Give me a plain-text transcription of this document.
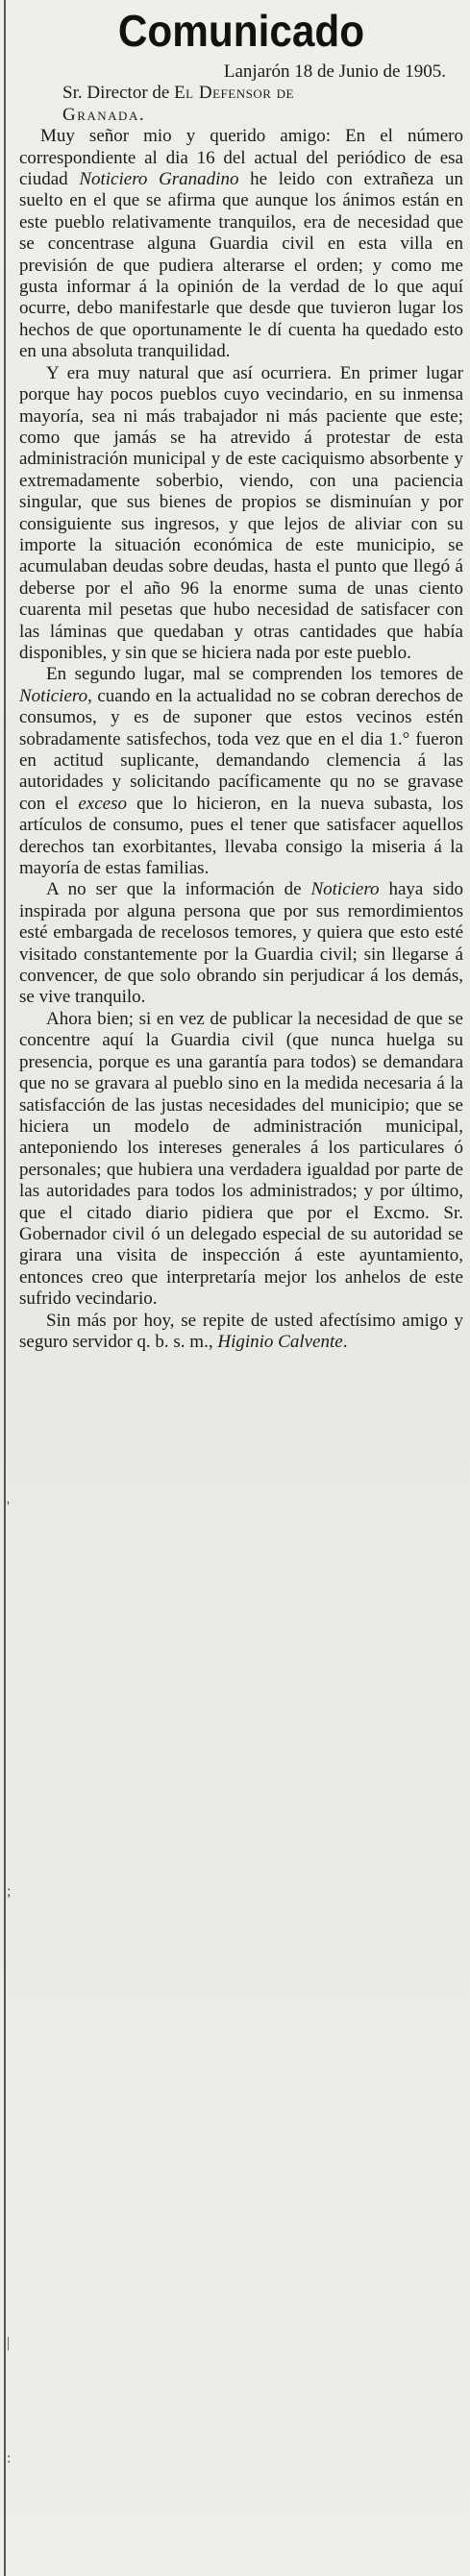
'
;
|
:
Comunicado

Lanjarón 18 de Junio de 1905.

Sr. Director de El Defensor de
Granada.

Muy señor mio y querido amigo: En el número correspondiente al dia 16 del actual del periódico de esa ciudad Noticiero Granadino he leido con extrañeza un suelto en el que se afirma que aunque los ánimos están en este pueblo relativamente tranquilos, era de necesidad que se concentrase alguna Guardia civil en esta villa en previsión de que pudiera alterarse el orden; y como me gusta informar á la opinión de la verdad de lo que aquí ocurre, debo manifestarle que desde que tuvieron lugar los hechos de que oportunamente le dí cuenta ha quedado esto en una absoluta tranquilidad.

Y era muy natural que así ocurriera. En primer lugar porque hay pocos pueblos cuyo vecindario, en su inmensa mayoría, sea ni más trabajador ni más paciente que este; como que jamás se ha atrevido á protestar de esta administración municipal y de este caciquismo absorbente y extremadamente soberbio, viendo, con una paciencia singular, que sus bienes de propios se disminuían y por consiguiente sus ingresos, y que lejos de aliviar con su importe la situación económica de este municipio, se acumulaban deudas sobre deudas, hasta el punto que llegó á deberse por el año 96 la enorme suma de unas ciento cuarenta mil pesetas que hubo necesidad de satisfacer con las láminas que quedaban y otras cantidades que había disponibles, y sin que se hiciera nada por este pueblo.

En segundo lugar, mal se comprenden los temores de Noticiero, cuando en la actualidad no se cobran derechos de consumos, y es de suponer que estos vecinos estén sobradamente satisfechos, toda vez que en el dia 1.° fueron en actitud suplicante, demandando clemencia á las autoridades y solicitando pacíficamente qu no se gravase con el exceso que lo hicieron, en la nueva subasta, los artículos de consumo, pues el tener que satisfacer aquellos derechos tan exorbitantes, llevaba consigo la miseria á la mayoría de estas familias.

A no ser que la información de Noticiero haya sido inspirada por alguna persona que por sus remordimientos esté embargada de recelosos temores, y quiera que esto esté visitado constantemente por la Guardia civil; sin llegarse á convencer, de que solo obrando sin perjudicar á los demás, se vive tranquilo.

Ahora bien; si en vez de publicar la necesidad de que se concentre aquí la Guardia civil (que nunca huelga su presencia, porque es una garantía para todos) se demandara que no se gravara al pueblo sino en la medida necesaria á la satisfacción de las justas necesidades del municipio; que se hiciera un modelo de administración municipal, anteponiendo los intereses generales á los particulares ó personales; que hubiera una verdadera igualdad por parte de las autoridades para todos los administrados; y por último, que el citado diario pidiera que por el Excmo. Sr. Gobernador civil ó un delegado especial de su autoridad se girara una visita de inspección á este ayuntamiento, entonces creo que interpretaría mejor los anhelos de este sufrido vecindario.

Sin más por hoy, se repite de usted afectísimo amigo y seguro servidor q. b. s. m., Higinio Calvente.
